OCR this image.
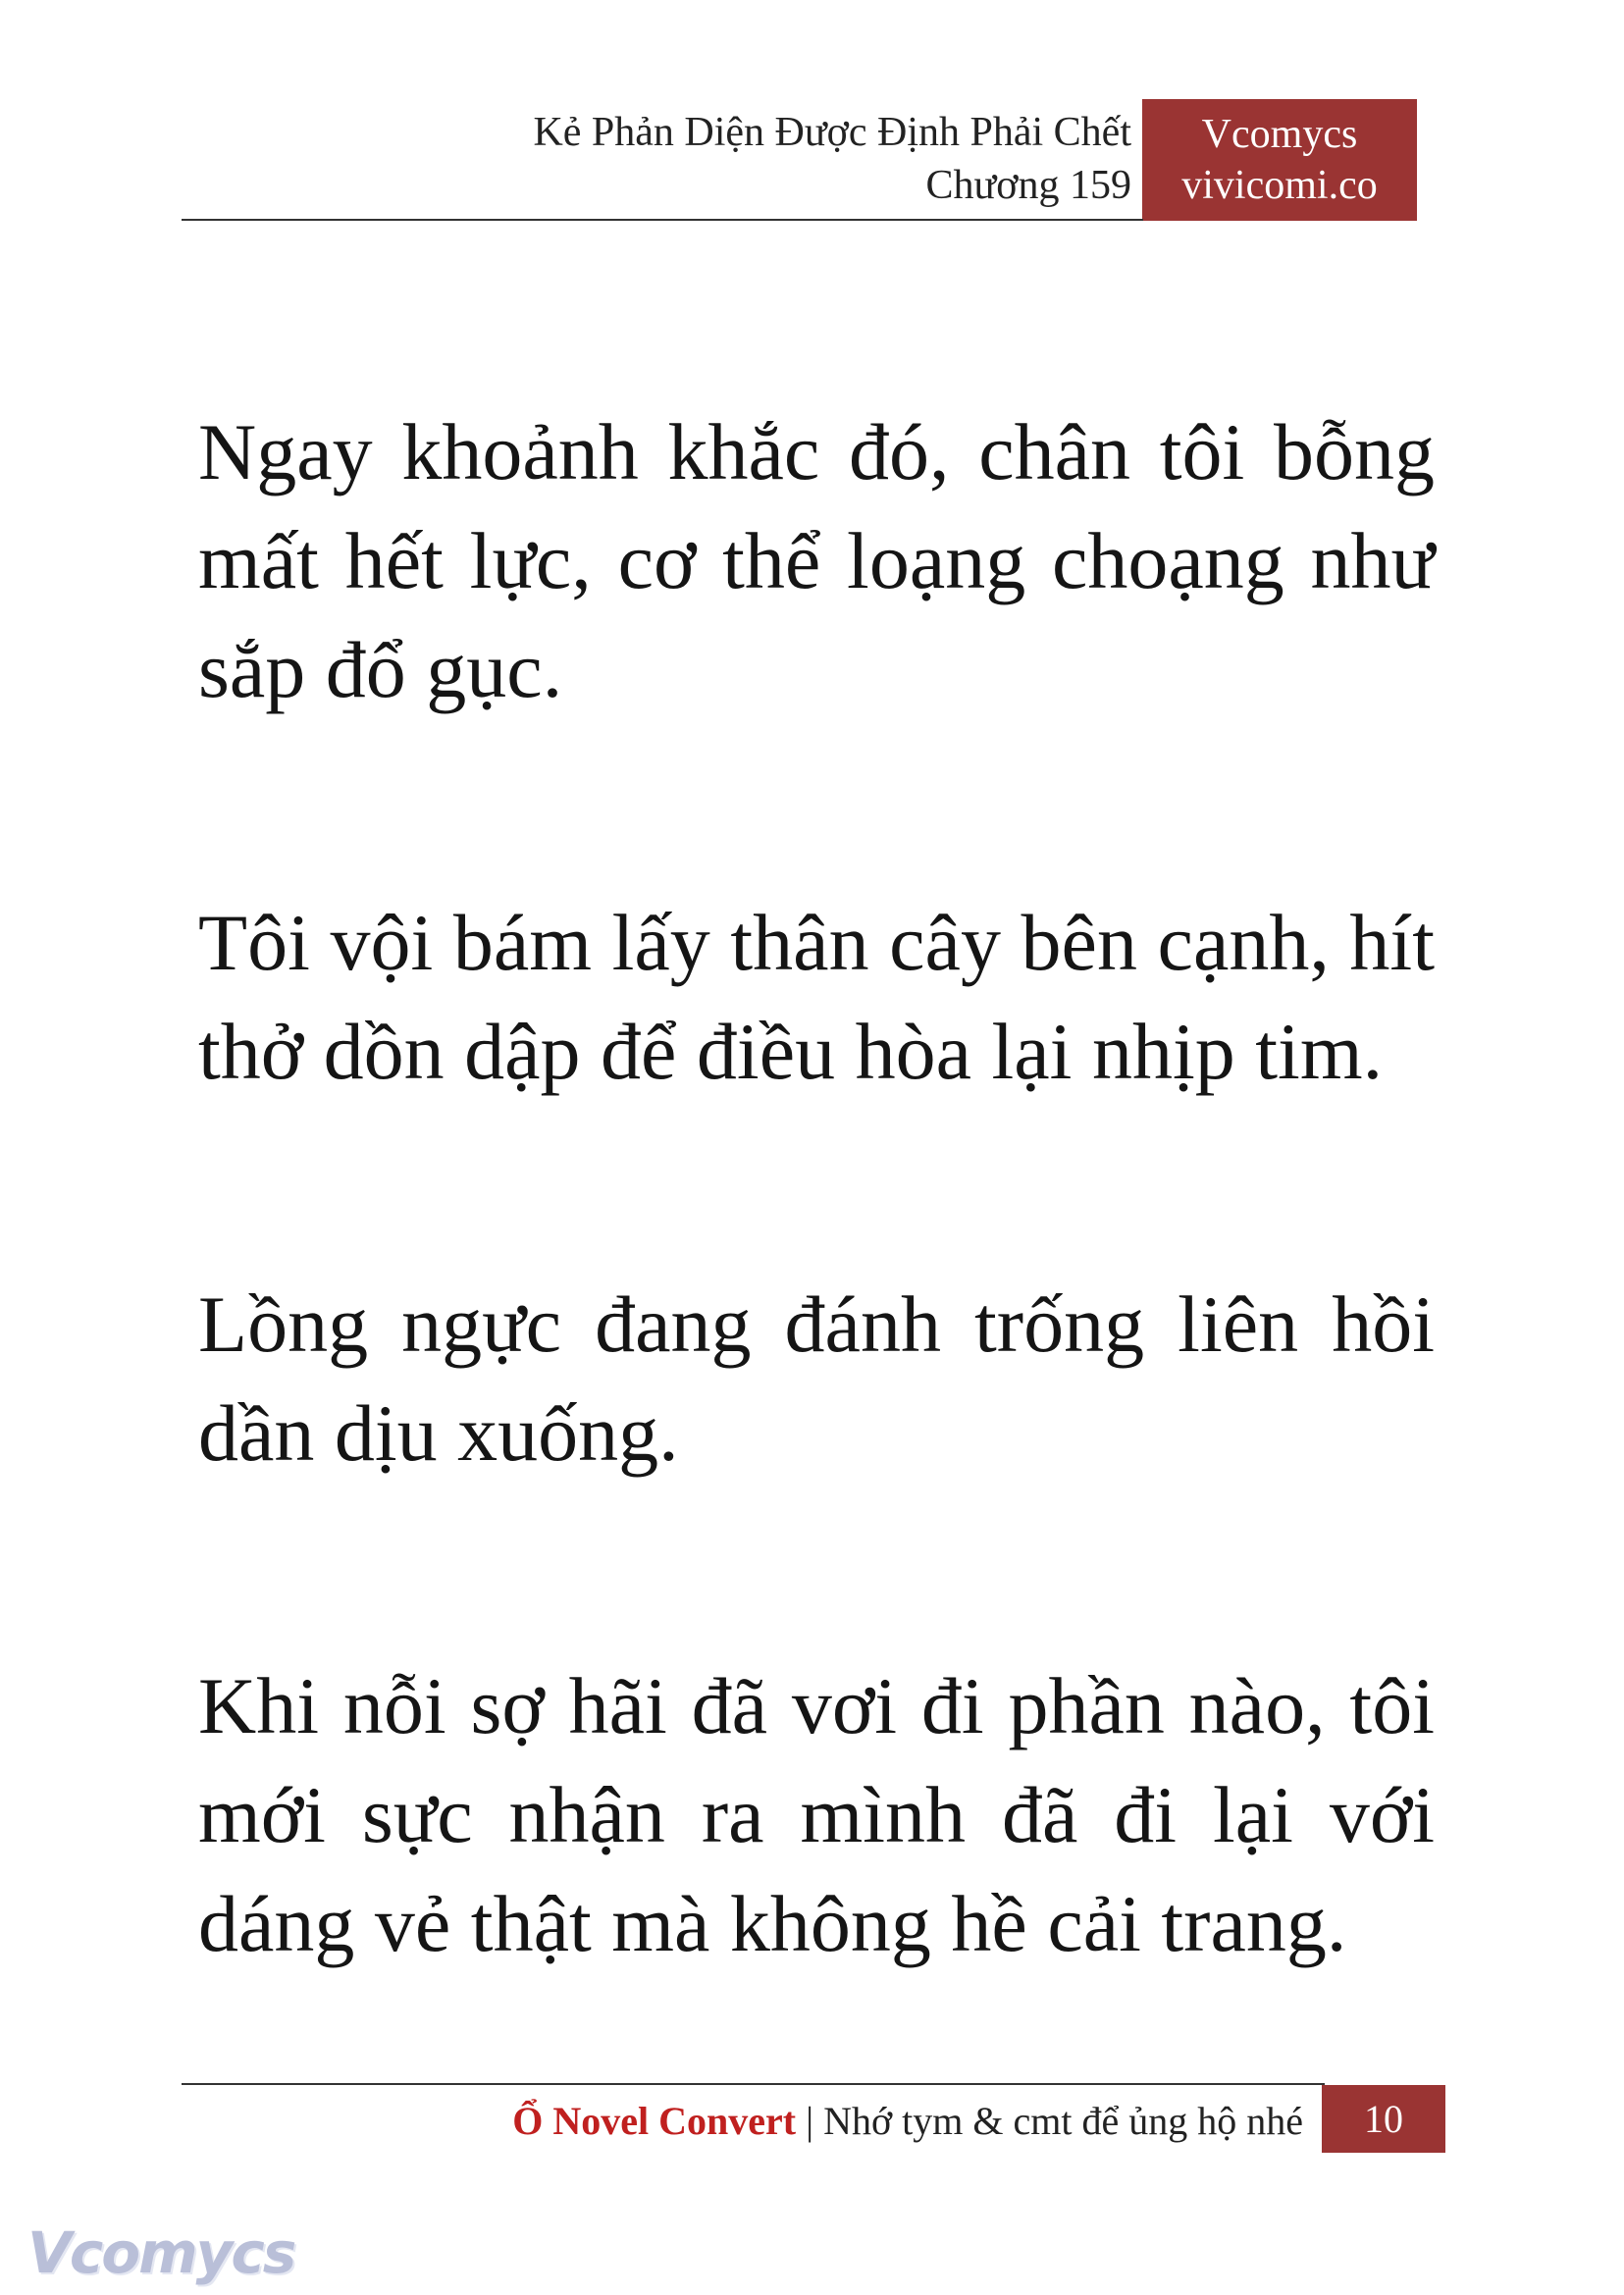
Kẻ Phản Diện Được Định Phải Chết
Chương 159
Vcomycs
vivicomi.co

Ngay khoảnh khắc đó, chân tôi bỗng mất hết lực, cơ thể loạng choạng như sắp đổ gục.

Tôi vội bám lấy thân cây bên cạnh, hít thở dồn dập để điều hòa lại nhịp tim.

Lồng ngực đang đánh trống liên hồi dần dịu xuống.

Khi nỗi sợ hãi đã vơi đi phần nào, tôi mới sực nhận ra mình đã đi lại với dáng vẻ thật mà không hề cải trang.

Ổ Novel Convert | Nhớ tym & cmt để ủng hộ nhé	10
Vcomycs
